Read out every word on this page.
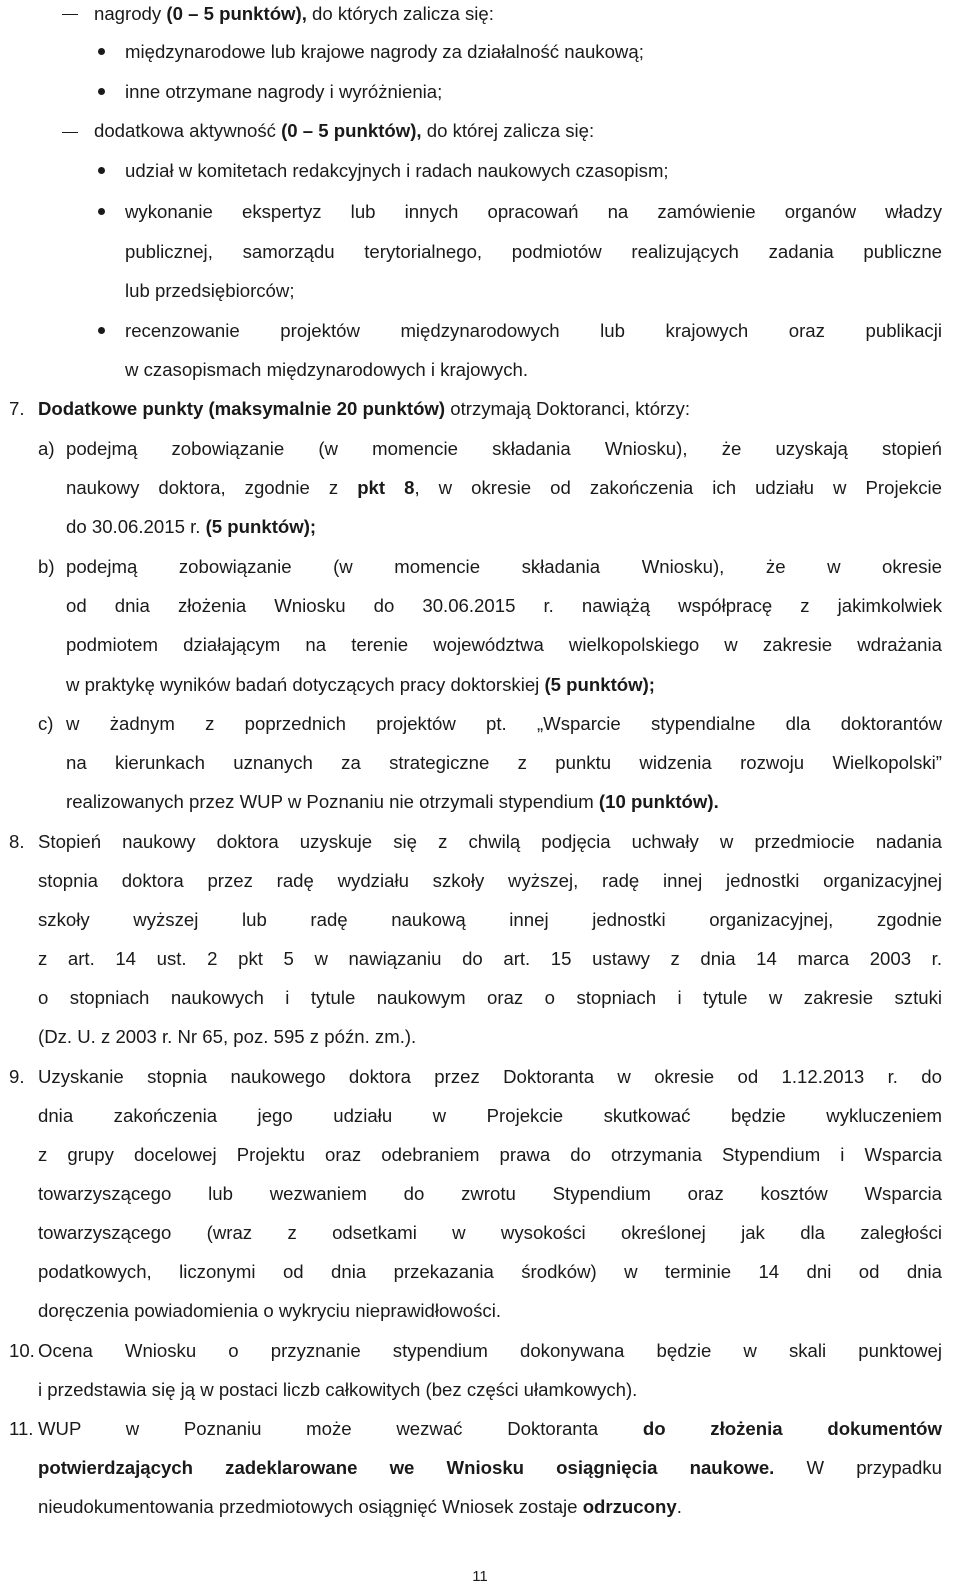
nagrody (0 – 5 punktów), do których zalicza się:
międzynarodowe lub krajowe nagrody za działalność naukową;
inne otrzymane nagrody i wyróżnienia;
dodatkowa aktywność (0 – 5 punktów), do której zalicza się:
udział w komitetach redakcyjnych i radach naukowych czasopism;
wykonanie ekspertyz lub innych opracowań na zamówienie organów władzy
publicznej, samorządu terytorialnego, podmiotów realizujących zadania publiczne
lub przedsiębiorców;
recenzowanie projektów międzynarodowych lub krajowych oraz publikacji
w czasopismach międzynarodowych i krajowych.
7. Dodatkowe punkty (maksymalnie 20 punktów) otrzymają Doktoranci, którzy:
a) podejmą zobowiązanie (w momencie składania Wniosku), że uzyskają stopień
naukowy doktora, zgodnie z pkt 8, w okresie od zakończenia ich udziału w Projekcie
do 30.06.2015 r. (5 punktów);
b) podejmą zobowiązanie (w momencie składania Wniosku), że w okresie
od dnia złożenia Wniosku do 30.06.2015 r. nawiążą współpracę z jakimkolwiek
podmiotem działającym na terenie województwa wielkopolskiego w zakresie wdrażania
w praktykę wyników badań dotyczących pracy doktorskiej (5 punktów);
c) w żadnym z poprzednich projektów pt. „Wsparcie stypendialne dla doktorantów
na kierunkach uznanych za strategiczne z punktu widzenia rozwoju Wielkopolski”
realizowanych przez WUP w Poznaniu nie otrzymali stypendium (10 punktów).
8. Stopień naukowy doktora uzyskuje się z chwilą podjęcia uchwały w przedmiocie nadania
stopnia doktora przez radę wydziału szkoły wyższej, radę innej jednostki organizacyjnej
szkoły wyższej lub radę naukową innej jednostki organizacyjnej, zgodnie
z art. 14 ust. 2 pkt 5 w nawiązaniu do art. 15 ustawy z dnia 14 marca 2003 r.
o stopniach naukowych i tytule naukowym oraz o stopniach i tytule w zakresie sztuki
(Dz. U. z 2003 r. Nr 65, poz. 595 z późn. zm.).
9. Uzyskanie stopnia naukowego doktora przez Doktoranta w okresie od 1.12.2013 r. do
dnia zakończenia jego udziału w Projekcie skutkować będzie wykluczeniem
z grupy docelowej Projektu oraz odebraniem prawa do otrzymania Stypendium i Wsparcia
towarzyszącego lub wezwaniem do zwrotu Stypendium oraz kosztów Wsparcia
towarzyszącego (wraz z odsetkami w wysokości określonej jak dla zaległości
podatkowych, liczonymi od dnia przekazania środków) w terminie 14 dni od dnia
doręczenia powiadomienia o wykryciu nieprawidłowości.
10. Ocena Wniosku o przyznanie stypendium dokonywana będzie w skali punktowej
i przedstawia się ją w postaci liczb całkowitych (bez części ułamkowych).
11. WUP w Poznaniu może wezwać Doktoranta do złożenia dokumentów
potwierdzających zadeklarowane we Wniosku osiągnięcia naukowe. W przypadku
nieudokumentowania przedmiotowych osiągnięć Wniosek zostaje odrzucony.
11
